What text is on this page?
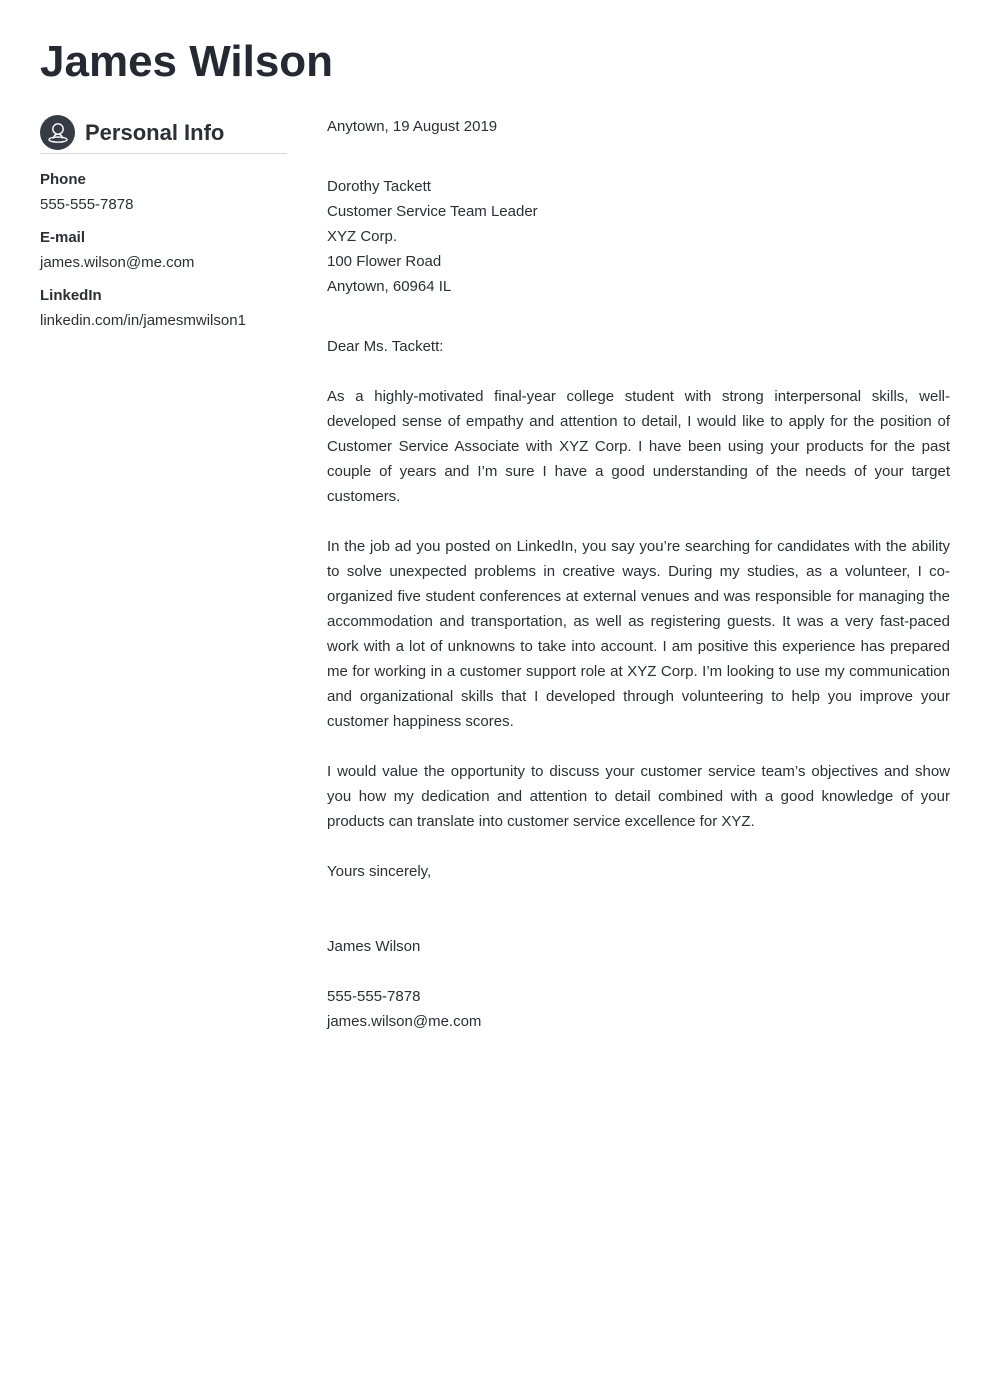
James Wilson
Personal Info
Phone
555-555-7878
E-mail
james.wilson@me.com
LinkedIn
linkedin.com/in/jamesmwilson1

Anytown, 19 August 2019

Dorothy Tackett
Customer Service Team Leader
XYZ Corp.
100 Flower Road
Anytown, 60964 IL

Dear Ms. Tackett:

As a highly-motivated final-year college student with strong interpersonal skills, well-developed sense of empathy and attention to detail, I would like to apply for the position of Customer Service Associate with XYZ Corp. I have been using your products for the past couple of years and I’m sure I have a good understanding of the needs of your target customers.

In the job ad you posted on LinkedIn, you say you’re searching for candidates with the ability to solve unexpected problems in creative ways. During my studies, as a volunteer, I co-organized five student conferences at external venues and was responsible for managing the accommodation and transportation, as well as registering guests. It was a very fast-paced work with a lot of unknowns to take into account. I am positive this experience has prepared me for working in a customer support role at XYZ Corp. I’m looking to use my communication and organizational skills that I developed through volunteering to help you improve your customer happiness scores.

I would value the opportunity to discuss your customer service team’s objectives and show you how my dedication and attention to detail combined with a good knowledge of your products can translate into customer service excellence for XYZ.

Yours sincerely,

James Wilson

555-555-7878

james.wilson@me.com
